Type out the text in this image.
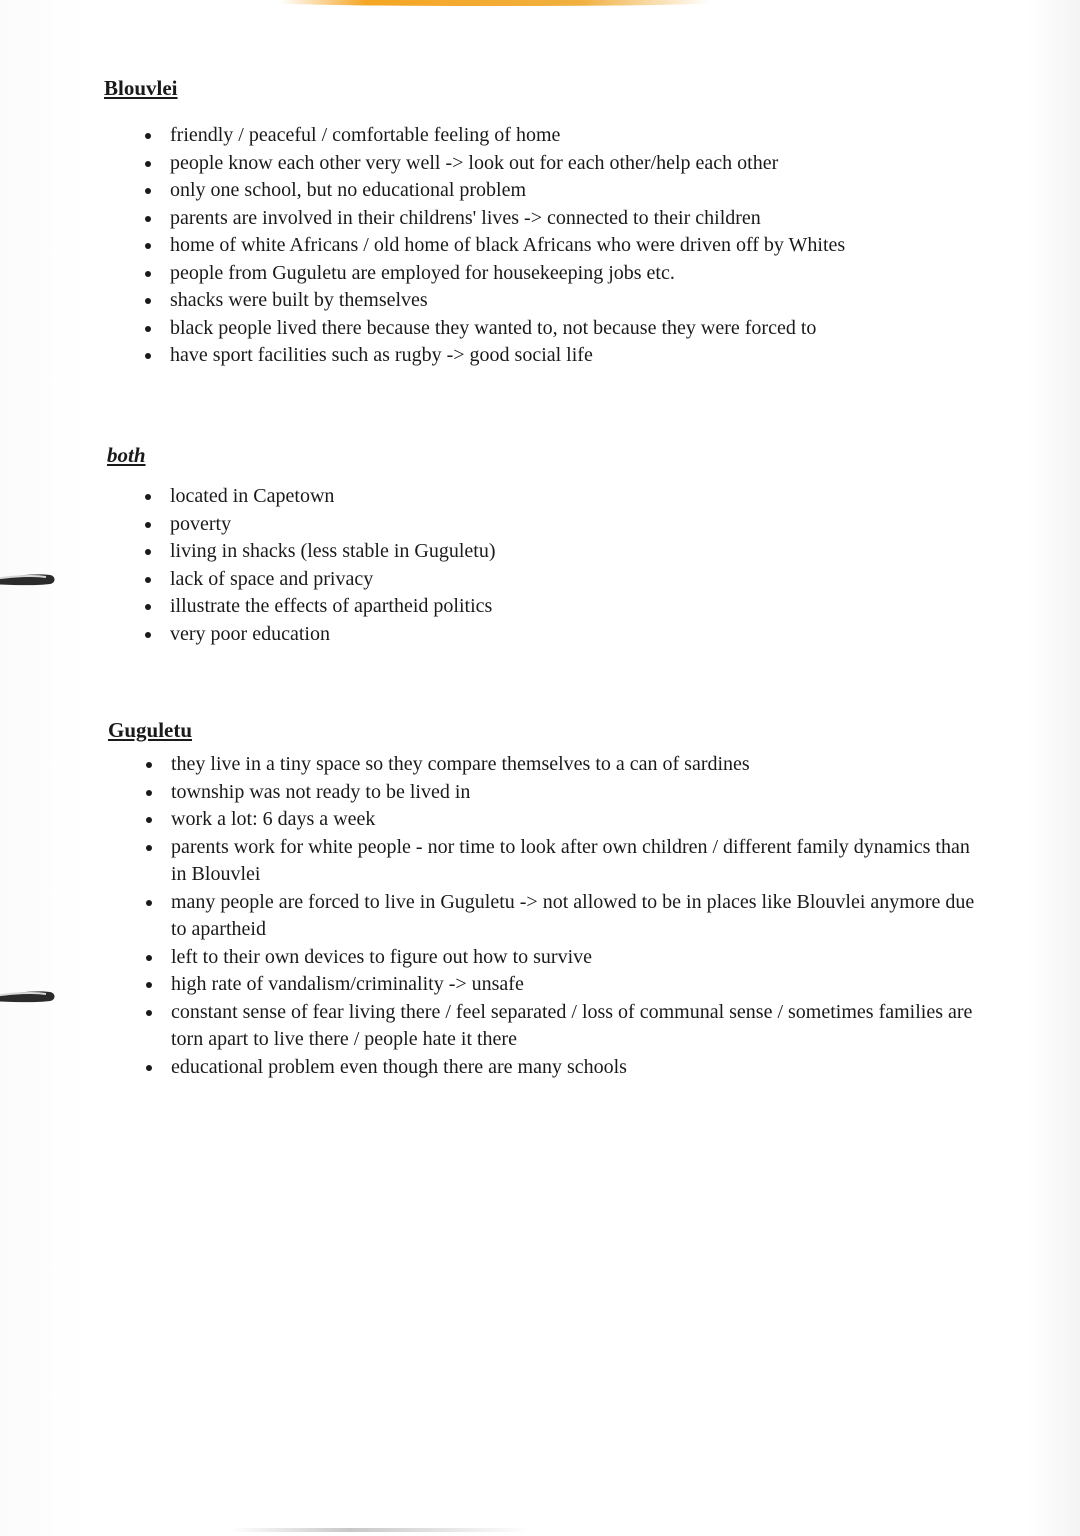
Blouvlei
friendly / peaceful / comfortable feeling of home
people know each other very well -> look out for each other/help each other
only one school, but no educational problem
parents are involved in their childrens' lives -> connected to their children
home of white Africans / old home of black Africans who were driven off by Whites
people from Guguletu are employed for housekeeping jobs etc.
shacks were built by themselves
black people lived there because they wanted to, not because they were forced to
have sport facilities such as rugby -> good social life
both
located in Capetown
poverty
living in shacks (less stable in Guguletu)
lack of space and privacy
illustrate the effects of apartheid politics
very poor education
Guguletu
they live in a tiny space so they compare themselves to a can of sardines
township was not ready to be lived in
work a lot: 6 days a week
parents work for white people - nor time to look after own children / different family dynamics than in Blouvlei
many people are forced to live in Guguletu -> not allowed to be in places like Blouvlei anymore due to apartheid
left to their own devices to figure out how to survive
high rate of vandalism/criminality -> unsafe
constant sense of fear living there / feel separated / loss of communal sense / sometimes families are torn apart to live there / people hate it there
educational problem even though there are many schools
